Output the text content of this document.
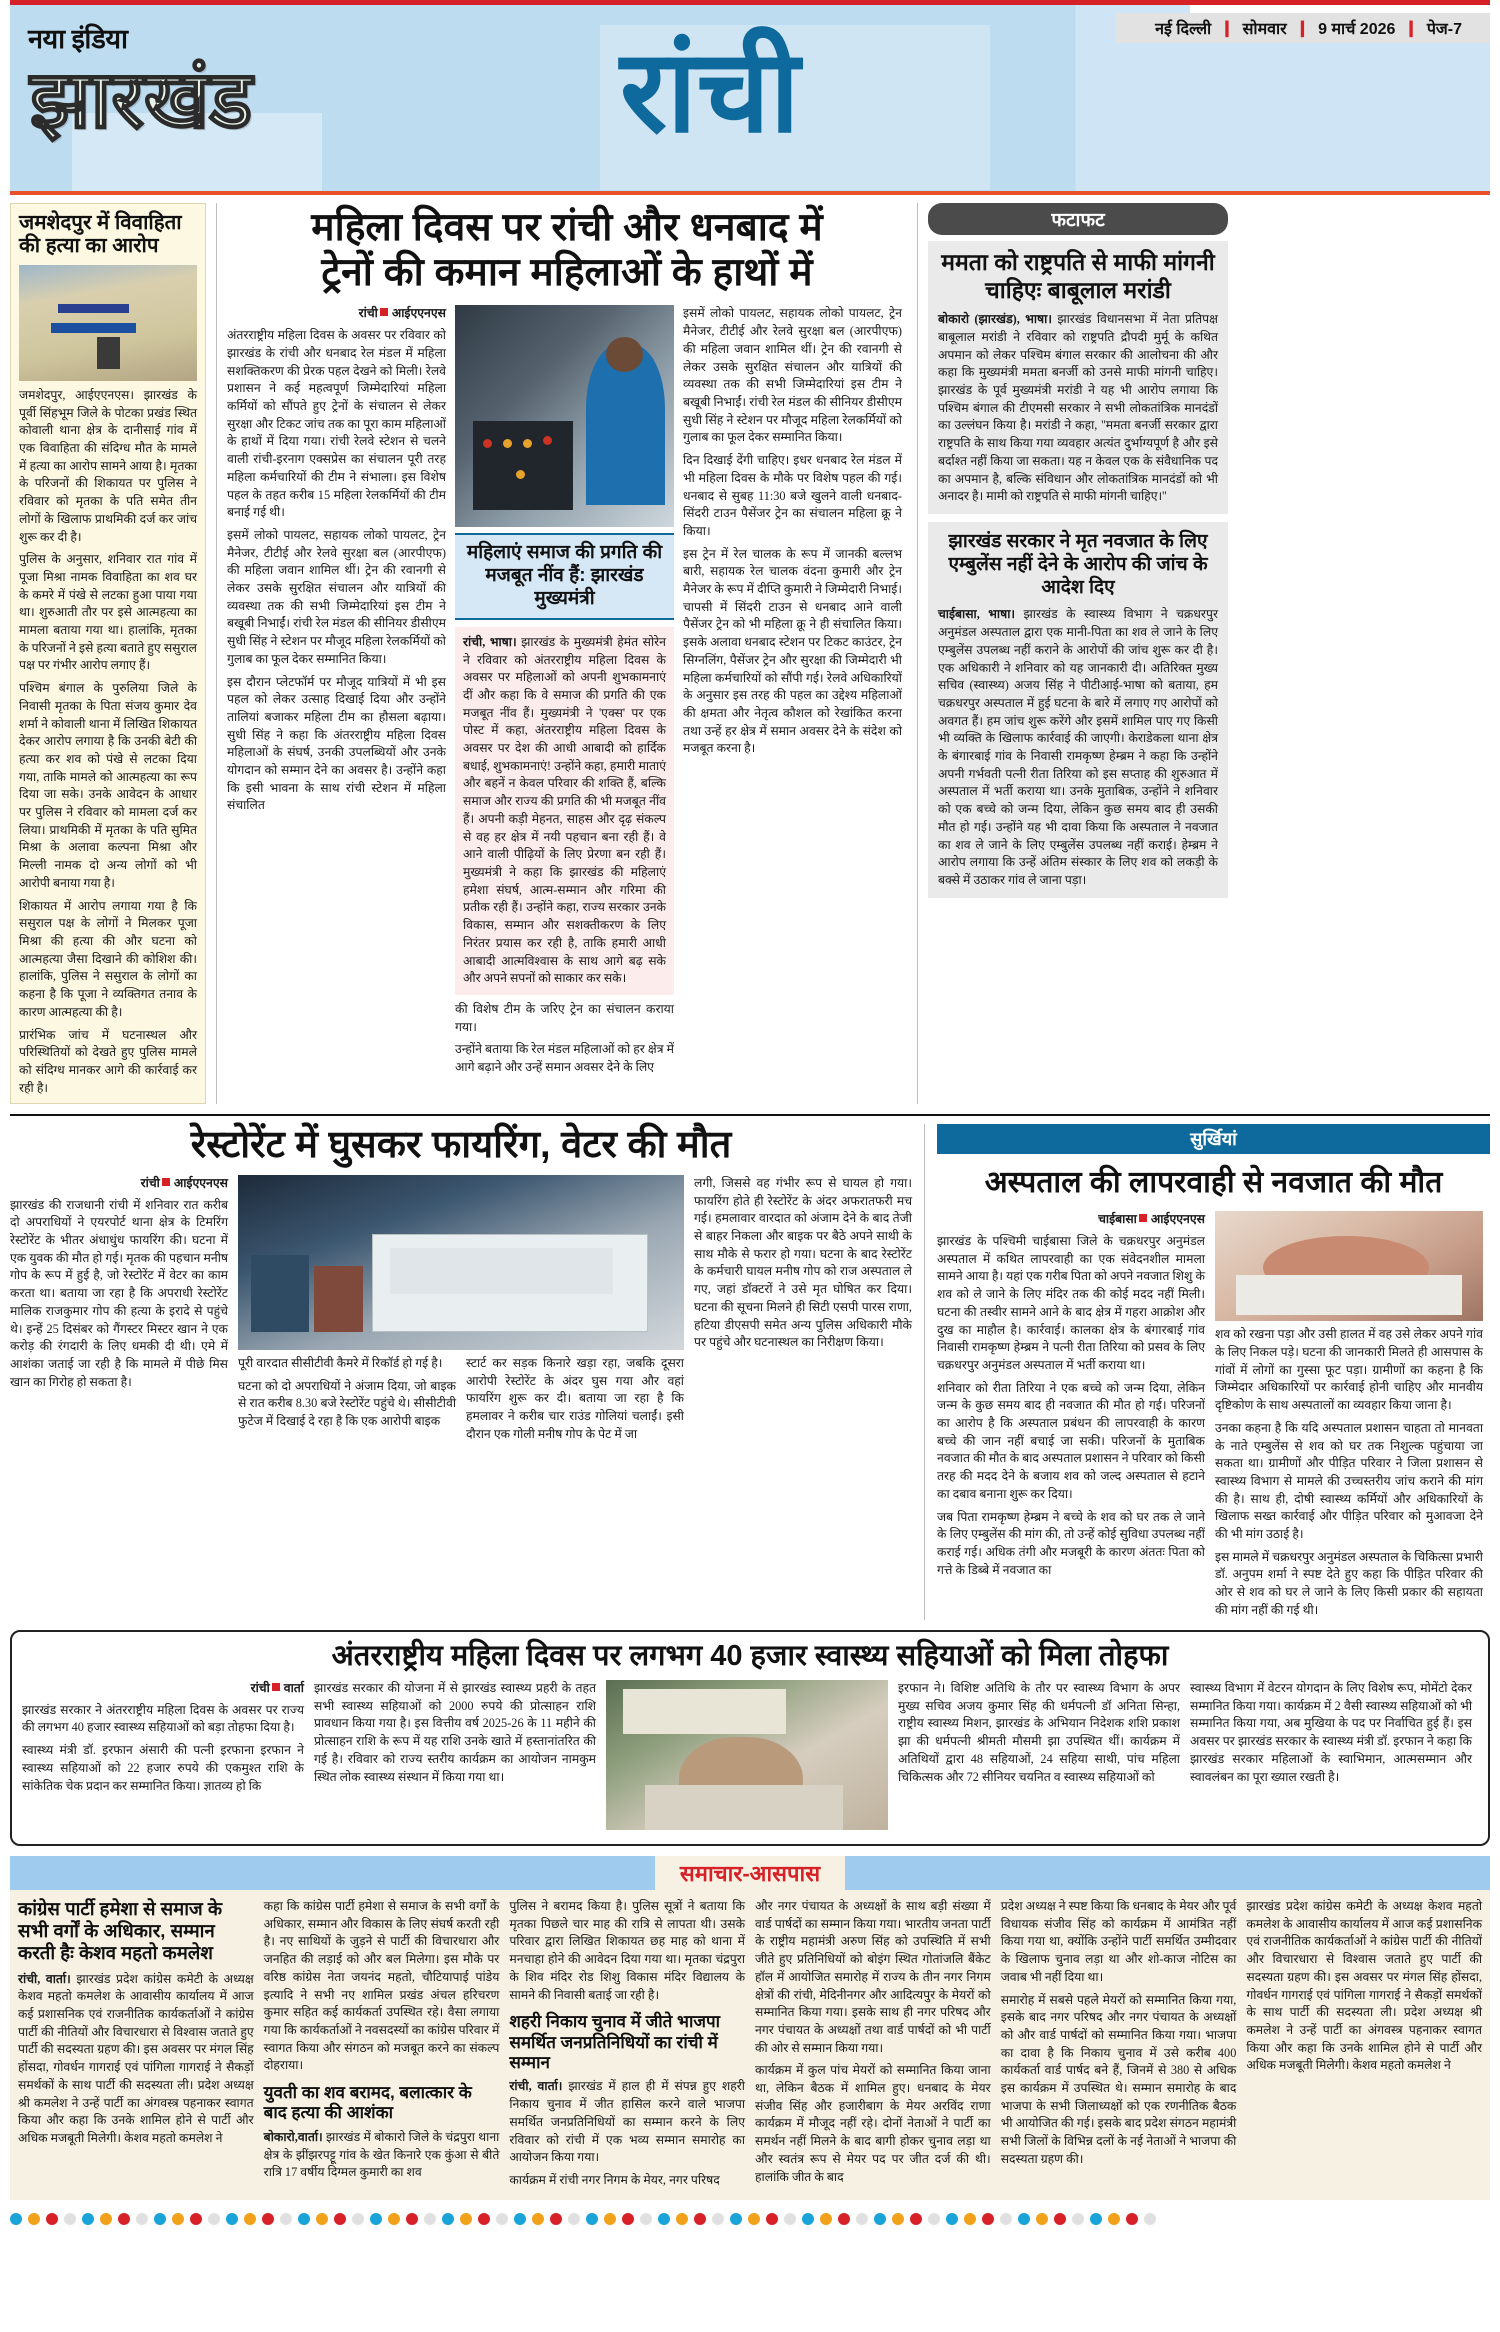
नया इंडिया
झारखंड	रांची	नई दिल्ली ❙ सोमवार ❙ 9 मार्च 2026 ❙ पेज-7
जमशेदपुर में विवाहिता की हत्या का आरोप
जमशेदपुर, आईएएनएस। झारखंड के पूर्वी सिंहभूम जिले के पोटका प्रखंड स्थित कोवाली थाना क्षेत्र के दानीसाई गांव में एक विवाहिता की संदिग्ध मौत के मामले में हत्या का आरोप सामने आया है। मृतका के परिजनों की शिकायत पर पुलिस ने रविवार को मृतका के पति समेत तीन लोगों के खिलाफ प्राथमिकी दर्ज कर जांच शुरू कर दी है।
पुलिस के अनुसार, शनिवार रात गांव में पूजा मिश्रा नामक विवाहिता का शव घर के कमरे में पंखे से लटका हुआ पाया गया था। शुरुआती तौर पर इसे आत्महत्या का मामला बताया गया था। हालांकि, मृतका के परिजनों ने इसे हत्या बताते हुए ससुराल पक्ष पर गंभीर आरोप लगाए हैं।
पश्चिम बंगाल के पुरुलिया जिले के निवासी मृतका के पिता संजय कुमार देव शर्मा ने कोवाली थाना में लिखित शिकायत देकर आरोप लगाया है कि उनकी बेटी की हत्या कर शव को पंखे से लटका दिया गया, ताकि मामले को आत्महत्या का रूप दिया जा सके। उनके आवेदन के आधार पर पुलिस ने रविवार को मामला दर्ज कर लिया। प्राथमिकी में मृतका के पति सुमित मिश्रा के अलावा कल्पना मिश्रा और मिल्ली नामक दो अन्य लोगों को भी आरोपी बनाया गया है।
शिकायत में आरोप लगाया गया है कि ससुराल पक्ष के लोगों ने मिलकर पूजा मिश्रा की हत्या की और घटना को आत्महत्या जैसा दिखाने की कोशिश की। हालांकि, पुलिस ने ससुराल के लोगों का कहना है कि पूजा ने व्यक्तिगत तनाव के कारण आत्महत्या की है।
प्रारंभिक जांच में घटनास्थल और परिस्थितियों को देखते हुए पुलिस मामले को संदिग्ध मानकर आगे की कार्रवाई कर रही है।
महिला दिवस पर रांची और धनबाद में
ट्रेनों की कमान महिलाओं के हाथों में
रांची आईएएनएस
अंतरराष्ट्रीय महिला दिवस के अवसर पर रविवार को झारखंड के रांची और धनबाद रेल मंडल में महिला सशक्तिकरण की प्रेरक पहल देखने को मिली। रेलवे प्रशासन ने कई महत्वपूर्ण जिम्मेदारियां महिला कर्मियों को सौंपते हुए ट्रेनों के संचालन से लेकर सुरक्षा और टिकट जांच तक का पूरा काम महिलाओं के हाथों में दिया गया। रांची रेलवे स्टेशन से चलने वाली रांची-इरनाग एक्सप्रेस का संचालन पूरी तरह महिला कर्मचारियों की टीम ने संभाला। इस विशेष पहल के तहत करीब 15 महिला रेलकर्मियों की टीम बनाई गई थी।
इसमें लोको पायलट, सहायक लोको पायलट, ट्रेन मैनेजर, टीटीई और रेलवे सुरक्षा बल (आरपीएफ) की महिला जवान शामिल थीं। ट्रेन की रवानगी से लेकर उसके सुरक्षित संचालन और यात्रियों की व्यवस्था तक की सभी जिम्मेदारियां इस टीम ने बखूबी निभाईं। रांची रेल मंडल की सीनियर डीसीएम सुधी सिंह ने स्टेशन पर मौजूद महिला रेलकर्मियों को गुलाब का फूल देकर सम्मानित किया।
इस दौरान प्लेटफॉर्म पर मौजूद यात्रियों में भी इस पहल को लेकर उत्साह दिखाई दिया और उन्होंने तालियां बजाकर महिला टीम का हौसला बढ़ाया। सुधी सिंह ने कहा कि अंतरराष्ट्रीय महिला दिवस महिलाओं के संघर्ष, उनकी उपलब्धियों और उनके योगदान को सम्मान देने का अवसर है। उन्होंने कहा कि इसी भावना के साथ रांची स्टेशन में महिला संचालित
महिलाएं समाज की प्रगति की मजबूत नींव हैं: झारखंड मुख्यमंत्री
रांची, भाषा। झारखंड के मुख्यमंत्री हेमंत सोरेन ने रविवार को अंतरराष्ट्रीय महिला दिवस के अवसर पर महिलाओं को अपनी शुभकामनाएं दीं और कहा कि वे समाज की प्रगति की एक मजबूत नींव हैं। मुख्यमंत्री ने 'एक्स' पर एक पोस्ट में कहा, अंतरराष्ट्रीय महिला दिवस के अवसर पर देश की आधी आबादी को हार्दिक बधाई, शुभकामनाएं! उन्होंने कहा, हमारी माताएं और बहनें न केवल परिवार की शक्ति हैं, बल्कि समाज और राज्य की प्रगति की भी मजबूत नींव हैं। अपनी कड़ी मेहनत, साहस और दृढ़ संकल्प से वह हर क्षेत्र में नयी पहचान बना रही हैं। वे आने वाली पीढ़ियों के लिए प्रेरणा बन रही हैं। मुख्यमंत्री ने कहा कि झारखंड की महिलाएं हमेशा संघर्ष, आत्म-सम्मान और गरिमा की प्रतीक रही हैं। उन्होंने कहा, राज्य सरकार उनके विकास, सम्मान और सशक्तीकरण के लिए निरंतर प्रयास कर रही है, ताकि हमारी आधी आबादी आत्मविश्वास के साथ आगे बढ़ सके और अपने सपनों को साकार कर सके।
की विशेष टीम के जरिए ट्रेन का संचालन कराया गया।
उन्होंने बताया कि रेल मंडल महिलाओं को हर क्षेत्र में आगे बढ़ाने और उन्हें समान अवसर देने के लिए
इसमें लोको पायलट, सहायक लोको पायलट, ट्रेन मैनेजर, टीटीई और रेलवे सुरक्षा बल (आरपीएफ) की महिला जवान शामिल थीं। ट्रेन की रवानगी से लेकर उसके सुरक्षित संचालन और यात्रियों की व्यवस्था तक की सभी जिम्मेदारियां इस टीम ने बखूबी निभाईं। रांची रेल मंडल की सीनियर डीसीएम सुधी सिंह ने स्टेशन पर मौजूद महिला रेलकर्मियों को गुलाब का फूल देकर सम्मानित किया।
दिन दिखाई देंगी चाहिए। इधर धनबाद रेल मंडल में भी महिला दिवस के मौके पर विशेष पहल की गई। धनबाद से सुबह 11:30 बजे खुलने वाली धनबाद-सिंदरी टाउन पैसेंजर ट्रेन का संचालन महिला क्रू ने किया।
इस ट्रेन में रेल चालक के रूप में जानकी बल्लभ बारी, सहायक रेल चालक वंदना कुमारी और ट्रेन मैनेजर के रूप में दीप्ति कुमारी ने जिम्मेदारी निभाई। चापसी में सिंदरी टाउन से धनबाद आने वाली पैसेंजर ट्रेन को भी महिला क्रू ने ही संचालित किया। इसके अलावा धनबाद स्टेशन पर टिकट काउंटर, ट्रेन सिग्नलिंग, पैसेंजर ट्रेन और सुरक्षा की जिम्मेदारी भी महिला कर्मचारियों को सौंपी गई। रेलवे अधिकारियों के अनुसार इस तरह की पहल का उद्देश्य महिलाओं की क्षमता और नेतृत्व कौशल को रेखांकित करना तथा उन्हें हर क्षेत्र में समान अवसर देने के संदेश को मजबूत करना है।
फटाफट
ममता को राष्ट्रपति से माफी मांगनी चाहिएः बाबूलाल मरांडी
बोकारो (झारखंड), भाषा। झारखंड विधानसभा में नेता प्रतिपक्ष बाबूलाल मरांडी ने रविवार को राष्ट्रपति द्रौपदी मुर्मू के कथित अपमान को लेकर पश्चिम बंगाल सरकार की आलोचना की और कहा कि मुख्यमंत्री ममता बनर्जी को उनसे माफी मांगनी चाहिए। झारखंड के पूर्व मुख्यमंत्री मरांडी ने यह भी आरोप लगाया कि पश्चिम बंगाल की टीएमसी सरकार ने सभी लोकतांत्रिक मानदंडों का उल्लंघन किया है। मरांडी ने कहा, ''ममता बनर्जी सरकार द्वारा राष्ट्रपति के साथ किया गया व्यवहार अत्यंत दुर्भाग्यपूर्ण है और इसे बर्दाश्त नहीं किया जा सकता। यह न केवल एक के संवैधानिक पद का अपमान है, बल्कि संविधान और लोकतांत्रिक मानदंडों को भी अनादर है। मामी को राष्ट्रपति से माफी मांगनी चाहिए।''
झारखंड सरकार ने मृत नवजात के लिए एम्बुलेंस नहीं देने के आरोप की जांच के आदेश दिए
चाईबासा, भाषा। झारखंड के स्वास्थ्य विभाग ने चक्रधरपुर अनुमंडल अस्पताल द्वारा एक मानी-पिता का शव ले जाने के लिए एम्बुलेंस उपलब्ध नहीं कराने के आरोपों की जांच शुरू कर दी है। एक अधिकारी ने शनिवार को यह जानकारी दी। अतिरिक्त मुख्य सचिव (स्वास्थ्य) अजय सिंह ने पीटीआई-भाषा को बताया, हम चक्रधरपुर अस्पताल में हुई घटना के बारे में लगाए गए आरोपों को अवगत हैं। हम जांच शुरू करेंगे और इसमें शामिल पाए गए किसी भी व्यक्ति के खिलाफ कार्रवाई की जाएगी। केराडेकला थाना क्षेत्र के बंगारबाई गांव के निवासी रामकृष्ण हेम्ब्रम ने कहा कि उन्होंने अपनी गर्भवती पत्नी रीता तिरिया को इस सप्ताह की शुरुआत में अस्पताल में भर्ती कराया था। उनके मुताबिक, उन्होंने ने शनिवार को एक बच्चे को जन्म दिया, लेकिन कुछ समय बाद ही उसकी मौत हो गई। उन्होंने यह भी दावा किया कि अस्पताल ने नवजात का शव ले जाने के लिए एम्बुलेंस उपलब्ध नहीं कराई। हेम्ब्रम ने आरोप लगाया कि उन्हें अंतिम संस्कार के लिए शव को लकड़ी के बक्से में उठाकर गांव ले जाना पड़ा।
रेस्टोरेंट में घुसकर फायरिंग, वेटर की मौत
रांची आईएएनएस
झारखंड की राजधानी रांची में शनिवार रात करीब दो अपराधियों ने एयरपोर्ट थाना क्षेत्र के टिमरिंग रेस्टोरेंट के भीतर अंधाधुंध फायरिंग की। घटना में एक युवक की मौत हो गई। मृतक की पहचान मनीष गोप के रूप में हुई है, जो रेस्टोरेंट में वेटर का काम करता था। बताया जा रहा है कि अपराधी रेस्टोरेंट मालिक राजकुमार गोप की हत्या के इरादे से पहुंचे थे। इन्हें 25 दिसंबर को गैंगस्टर मिस्टर खान ने एक करोड़ की रंगदारी के लिए धमकी दी थी। एमे में आशंका जताई जा रही है कि मामले में पीछे मिस खान का गिरोह हो सकता है।
पूरी वारदात सीसीटीवी कैमरे में रिकॉर्ड हो गई है।
घटना को दो अपराधियों ने अंजाम दिया, जो बाइक से रात करीब 8.30 बजे रेस्टोरेंट पहुंचे थे। सीसीटीवी फुटेज में दिखाई दे रहा है कि एक आरोपी बाइक
स्टार्ट कर सड़क किनारे खड़ा रहा, जबकि दूसरा आरोपी रेस्टोरेंट के अंदर घुस गया और वहां फायरिंग शुरू कर दी। बताया जा रहा है कि हमलावर ने करीब चार राउंड गोलियां चलाईं। इसी दौरान एक गोली मनीष गोप के पेट में जा
लगी, जिससे वह गंभीर रूप से घायल हो गया। फायरिंग होते ही रेस्टोरेंट के अंदर अफरातफरी मच गई। हमलावार वारदात को अंजाम देने के बाद तेजी से बाहर निकला और बाइक पर बैठे अपने साथी के साथ मौके से फरार हो गया। घटना के बाद रेस्टोरेंट के कर्मचारी घायल मनीष गोप को राज अस्पताल ले गए, जहां डॉक्टरों ने उसे मृत घोषित कर दिया। घटना की सूचना मिलने ही सिटी एसपी पारस राणा, हटिया डीएसपी समेत अन्य पुलिस अधिकारी मौके पर पहुंचे और घटनास्थल का निरीक्षण किया।
सुर्खियां
अस्पताल की लापरवाही से नवजात की मौत
चाईबासा आईएएनएस
झारखंड के पश्चिमी चाईबासा जिले के चक्रधरपुर अनुमंडल अस्पताल में कथित लापरवाही का एक संवेदनशील मामला सामने आया है। यहां एक गरीब पिता को अपने नवजात शिशु के शव को ले जाने के लिए मंदिर तक की कोई मदद नहीं मिली। घटना की तस्वीर सामने आने के बाद क्षेत्र में गहरा आक्रोश और दुख का माहौल है। कार्रवाई। कालका क्षेत्र के बंगारबाई गांव निवासी रामकृष्ण हेम्ब्रम ने पत्नी रीता तिरिया को प्रसव के लिए चक्रधरपुर अनुमंडल अस्पताल में भर्ती कराया था।
शनिवार को रीता तिरिया ने एक बच्चे को जन्म दिया, लेकिन जन्म के कुछ समय बाद ही नवजात की मौत हो गई। परिजनों का आरोप है कि अस्पताल प्रबंधन की लापरवाही के कारण बच्चे की जान नहीं बचाई जा सकी। परिजनों के मुताबिक नवजात की मौत के बाद अस्पताल प्रशासन ने परिवार को किसी तरह की मदद देने के बजाय शव को जल्द अस्पताल से हटाने का दबाव बनाना शुरू कर दिया।
जब पिता रामकृष्ण हेम्ब्रम ने बच्चे के शव को घर तक ले जाने के लिए एम्बुलेंस की मांग की, तो उन्हें कोई सुविधा उपलब्ध नहीं कराई गई। अधिक तंगी और मजबूरी के कारण अंततः पिता को गत्ते के डिब्बे में नवजात का
शव को रखना पड़ा और उसी हालत में वह उसे लेकर अपने गांव के लिए निकल पड़े। घटना की जानकारी मिलते ही आसपास के गांवों में लोगों का गुस्सा फूट पड़ा। ग्रामीणों का कहना है कि जिम्मेदार अधिकारियों पर कार्रवाई होनी चाहिए और मानवीय दृष्टिकोण के साथ अस्पतालों का व्यवहार किया जाना है।
उनका कहना है कि यदि अस्पताल प्रशासन चाहता तो मानवता के नाते एम्बुलेंस से शव को घर तक निशुल्क पहुंचाया जा सकता था। ग्रामीणों और पीड़ित परिवार ने जिला प्रशासन से स्वास्थ्य विभाग से मामले की उच्चस्तरीय जांच कराने की मांग की है। साथ ही, दोषी स्वास्थ्य कर्मियों और अधिकारियों के खिलाफ सख्त कार्रवाई और पीड़ित परिवार को मुआवजा देने की भी मांग उठाई है।
इस मामले में चक्रधरपुर अनुमंडल अस्पताल के चिकित्सा प्रभारी डॉ. अनुपम शर्मा ने स्पष्ट देते हुए कहा कि पीड़ित परिवार की ओर से शव को घर ले जाने के लिए किसी प्रकार की सहायता की मांग नहीं की गई थी।
अंतरराष्ट्रीय महिला दिवस पर लगभग 40 हजार स्वास्थ्य सहियाओं को मिला तोहफा
रांची वार्ता
झारखंड सरकार ने अंतरराष्ट्रीय महिला दिवस के अवसर पर राज्य की लगभग 40 हजार स्वास्थ्य सहियाओं को बड़ा तोहफा दिया है।
स्वास्थ्य मंत्री डॉ. इरफान अंसारी की पत्नी इरफाना इरफान ने स्वास्थ्य सहियाओं को 22 हजार रुपये की एकमुश्त राशि के सांकेतिक चेक प्रदान कर सम्मानित किया। ज्ञातव्य हो कि
झारखंड सरकार की योजना में से झारखंड स्वास्थ्य प्रहरी के तहत सभी स्वास्थ्य सहियाओं को 2000 रुपये की प्रोत्साहन राशि प्रावधान किया गया है। इस वित्तीय वर्ष 2025-26 के 11 महीने की प्रोत्साहन राशि के रूप में यह राशि उनके खाते में हस्तानांतरित की गई है। रविवार को राज्य स्तरीय कार्यक्रम का आयोजन नामकुम स्थित लोक स्वास्थ्य संस्थान में किया गया था।
इरफान ने। विशिष्ट अतिथि के तौर पर स्वास्थ्य विभाग के अपर मुख्य सचिव अजय कुमार सिंह की धर्मपत्नी डॉ अनिता सिन्हा, राष्ट्रीय स्वास्थ्य मिशन, झारखंड के अभियान निदेशक शशि प्रकाश झा की धर्मपत्नी श्रीमती मौसमी झा उपस्थित थीं। कार्यक्रम में अतिथियों द्वारा 48 सहियाओं, 24 सहिया साथी, पांच महिला चिकित्सक और 72 सीनियर चयनित व स्वास्थ्य सहियाओं को
स्वास्थ्य विभाग में वेटरन योगदान के लिए विशेष रूप, मोमेंटो देकर सम्मानित किया गया। कार्यक्रम में 2 वैसी स्वास्थ्य सहियाओं को भी सम्मानित किया गया, अब मुखिया के पद पर निर्वाचित हुई हैं। इस अवसर पर झारखंड सरकार के स्वास्थ्य मंत्री डॉ. इरफान ने कहा कि झारखंड सरकार महिलाओं के स्वाभिमान, आत्मसम्मान और स्वावलंबन का पूरा ख्याल रखती है।
समाचार-आसपास
कांग्रेस पार्टी हमेशा से समाज के सभी वर्गों के अधिकार, सम्मान करती हैः केशव महतो कमलेश
रांची, वार्ता। झारखंड प्रदेश कांग्रेस कमेटी के अध्यक्ष केशव महतो कमलेश के आवासीय कार्यालय में आज कई प्रशासनिक एवं राजनीतिक कार्यकर्ताओं ने कांग्रेस पार्टी की नीतियों और विचारधारा से विश्वास जताते हुए पार्टी की सदस्यता ग्रहण की। इस अवसर पर मंगल सिंह होंसदा, गोवर्धन गागराई एवं पांगिला गागराई ने सैकड़ों समर्थकों के साथ पार्टी की सदस्यता ली। प्रदेश अध्यक्ष श्री कमलेश ने उन्हें पार्टी का अंगवस्त्र पहनाकर स्वागत किया और कहा कि उनके शामिल होने से पार्टी और अधिक मजबूती मिलेगी। केशव महतो कमलेश ने
कहा कि कांग्रेस पार्टी हमेशा से समाज के सभी वर्गों के अधिकार, सम्मान और विकास के लिए संघर्ष करती रही है। नए साथियों के जुड़ने से पार्टी की विचारधारा और जनहित की लड़ाई को और बल मिलेगा। इस मौके पर वरिष्ठ कांग्रेस नेता जयनंद महतो, चौटियापाई पांडेय इत्यादि ने सभी नए शामिल प्रखंड अंचल हरिचरण कुमार सहित कई कार्यकर्ता उपस्थित रहे। वैसा लगाया गया कि कार्यकर्ताओं ने नवसदस्यों का कांग्रेस परिवार में स्वागत किया और संगठन को मजबूत करने का संकल्प दोहराया।
युवती का शव बरामद, बलात्कार के बाद हत्या की आशंका
बोकारो,वार्ता। झारखंड में बोकारो जिले के चंद्रपुरा थाना क्षेत्र के झींझरपट्टू गांव के खेत किनारे एक कुंआ से बीते रात्रि 17 वर्षीय दिग्मल कुमारी का शव
पुलिस ने बरामद किया है। पुलिस सूत्रों ने बताया कि मृतका पिछले चार माह की रात्रि से लापता थी। उसके परिवार द्वारा लिखित शिकायत छह माह को थाना में मनचाहा होने की आवेदन दिया गया था। मृतका चंद्रपुरा के शिव मंदिर रोड शिशु विकास मंदिर विद्यालय के सामने की निवासी बताई जा रही है।
शहरी निकाय चुनाव में जीते भाजपा समर्थित जनप्रतिनिधियों का रांची में सम्मान
रांची, वार्ता। झारखंड में हाल ही में संपन्न हुए शहरी निकाय चुनाव में जीत हासिल करने वाले भाजपा समर्थित जनप्रतिनिधियों का सम्मान करने के लिए रविवार को रांची में एक भव्य सम्मान समारोह का आयोजन किया गया।
कार्यक्रम में रांची नगर निगम के मेयर, नगर परिषद
और नगर पंचायत के अध्यक्षों के साथ बड़ी संख्या में वार्ड पार्षदों का सम्मान किया गया। भारतीय जनता पार्टी के राष्ट्रीय महामंत्री अरुण सिंह को उपस्थिति में सभी जीते हुए प्रतिनिधियों को बोइंग स्थित गोतांजलि बैंकेट हॉल में आयोजित समारोह में राज्य के तीन नगर निगम क्षेत्रों की रांची, मेदिनीनगर और आदित्यपुर के मेयरों को सम्मानित किया गया। इसके साथ ही नगर परिषद और नगर पंचायत के अध्यक्षों तथा वार्ड पार्षदों को भी पार्टी की ओर से सम्मान किया गया।
कार्यक्रम में कुल पांच मेयरों को सम्मानित किया जाना था, लेकिन बैठक में शामिल हुए। धनबाद के मेयर संजीव सिंह और हजारीबाग के मेयर अरविंद राणा कार्यक्रम में मौजूद नहीं रहे। दोनों नेताओं ने पार्टी का समर्थन नहीं मिलने के बाद बागी होकर चुनाव लड़ा था और स्वतंत्र रूप से मेयर पद पर जीत दर्ज की थी। हालांकि जीत के बाद
प्रदेश अध्यक्ष ने स्पष्ट किया कि धनबाद के मेयर और पूर्व विधायक संजीव सिंह को कार्यक्रम में आमंत्रित नहीं किया गया था, क्योंकि उन्होंने पार्टी समर्थित उम्मीदवार के खिलाफ चुनाव लड़ा था और शो-काज नोटिस का जवाब भी नहीं दिया था।
समारोह में सबसे पहले मेयरों को सम्मानित किया गया, इसके बाद नगर परिषद और नगर पंचायत के अध्यक्षों को और वार्ड पार्षदों को सम्मानित किया गया। भाजपा का दावा है कि निकाय चुनाव में उसे करीब 400 कार्यकर्ता वार्ड पार्षद बने हैं, जिनमें से 380 से अधिक इस कार्यक्रम में उपस्थित थे। सम्मान समारोह के बाद भाजपा के सभी जिलाध्यक्षों को एक रणनीतिक बैठक भी आयोजित की गई। इसके बाद प्रदेश संगठन महामंत्री सभी जिलों के विभिन्न दलों के नई नेताओं ने भाजपा की सदस्यता ग्रहण की।
झारखंड प्रदेश कांग्रेस कमेटी के अध्यक्ष केशव महतो कमलेश के आवासीय कार्यालय में आज कई प्रशासनिक एवं राजनीतिक कार्यकर्ताओं ने कांग्रेस पार्टी की नीतियों और विचारधारा से विश्वास जताते हुए पार्टी की सदस्यता ग्रहण की। इस अवसर पर मंगल सिंह होंसदा, गोवर्धन गागराई एवं पांगिला गागराई ने सैकड़ों समर्थकों के साथ पार्टी की सदस्यता ली। प्रदेश अध्यक्ष श्री कमलेश ने उन्हें पार्टी का अंगवस्त्र पहनाकर स्वागत किया और कहा कि उनके शामिल होने से पार्टी और अधिक मजबूती मिलेगी। केशव महतो कमलेश ने
